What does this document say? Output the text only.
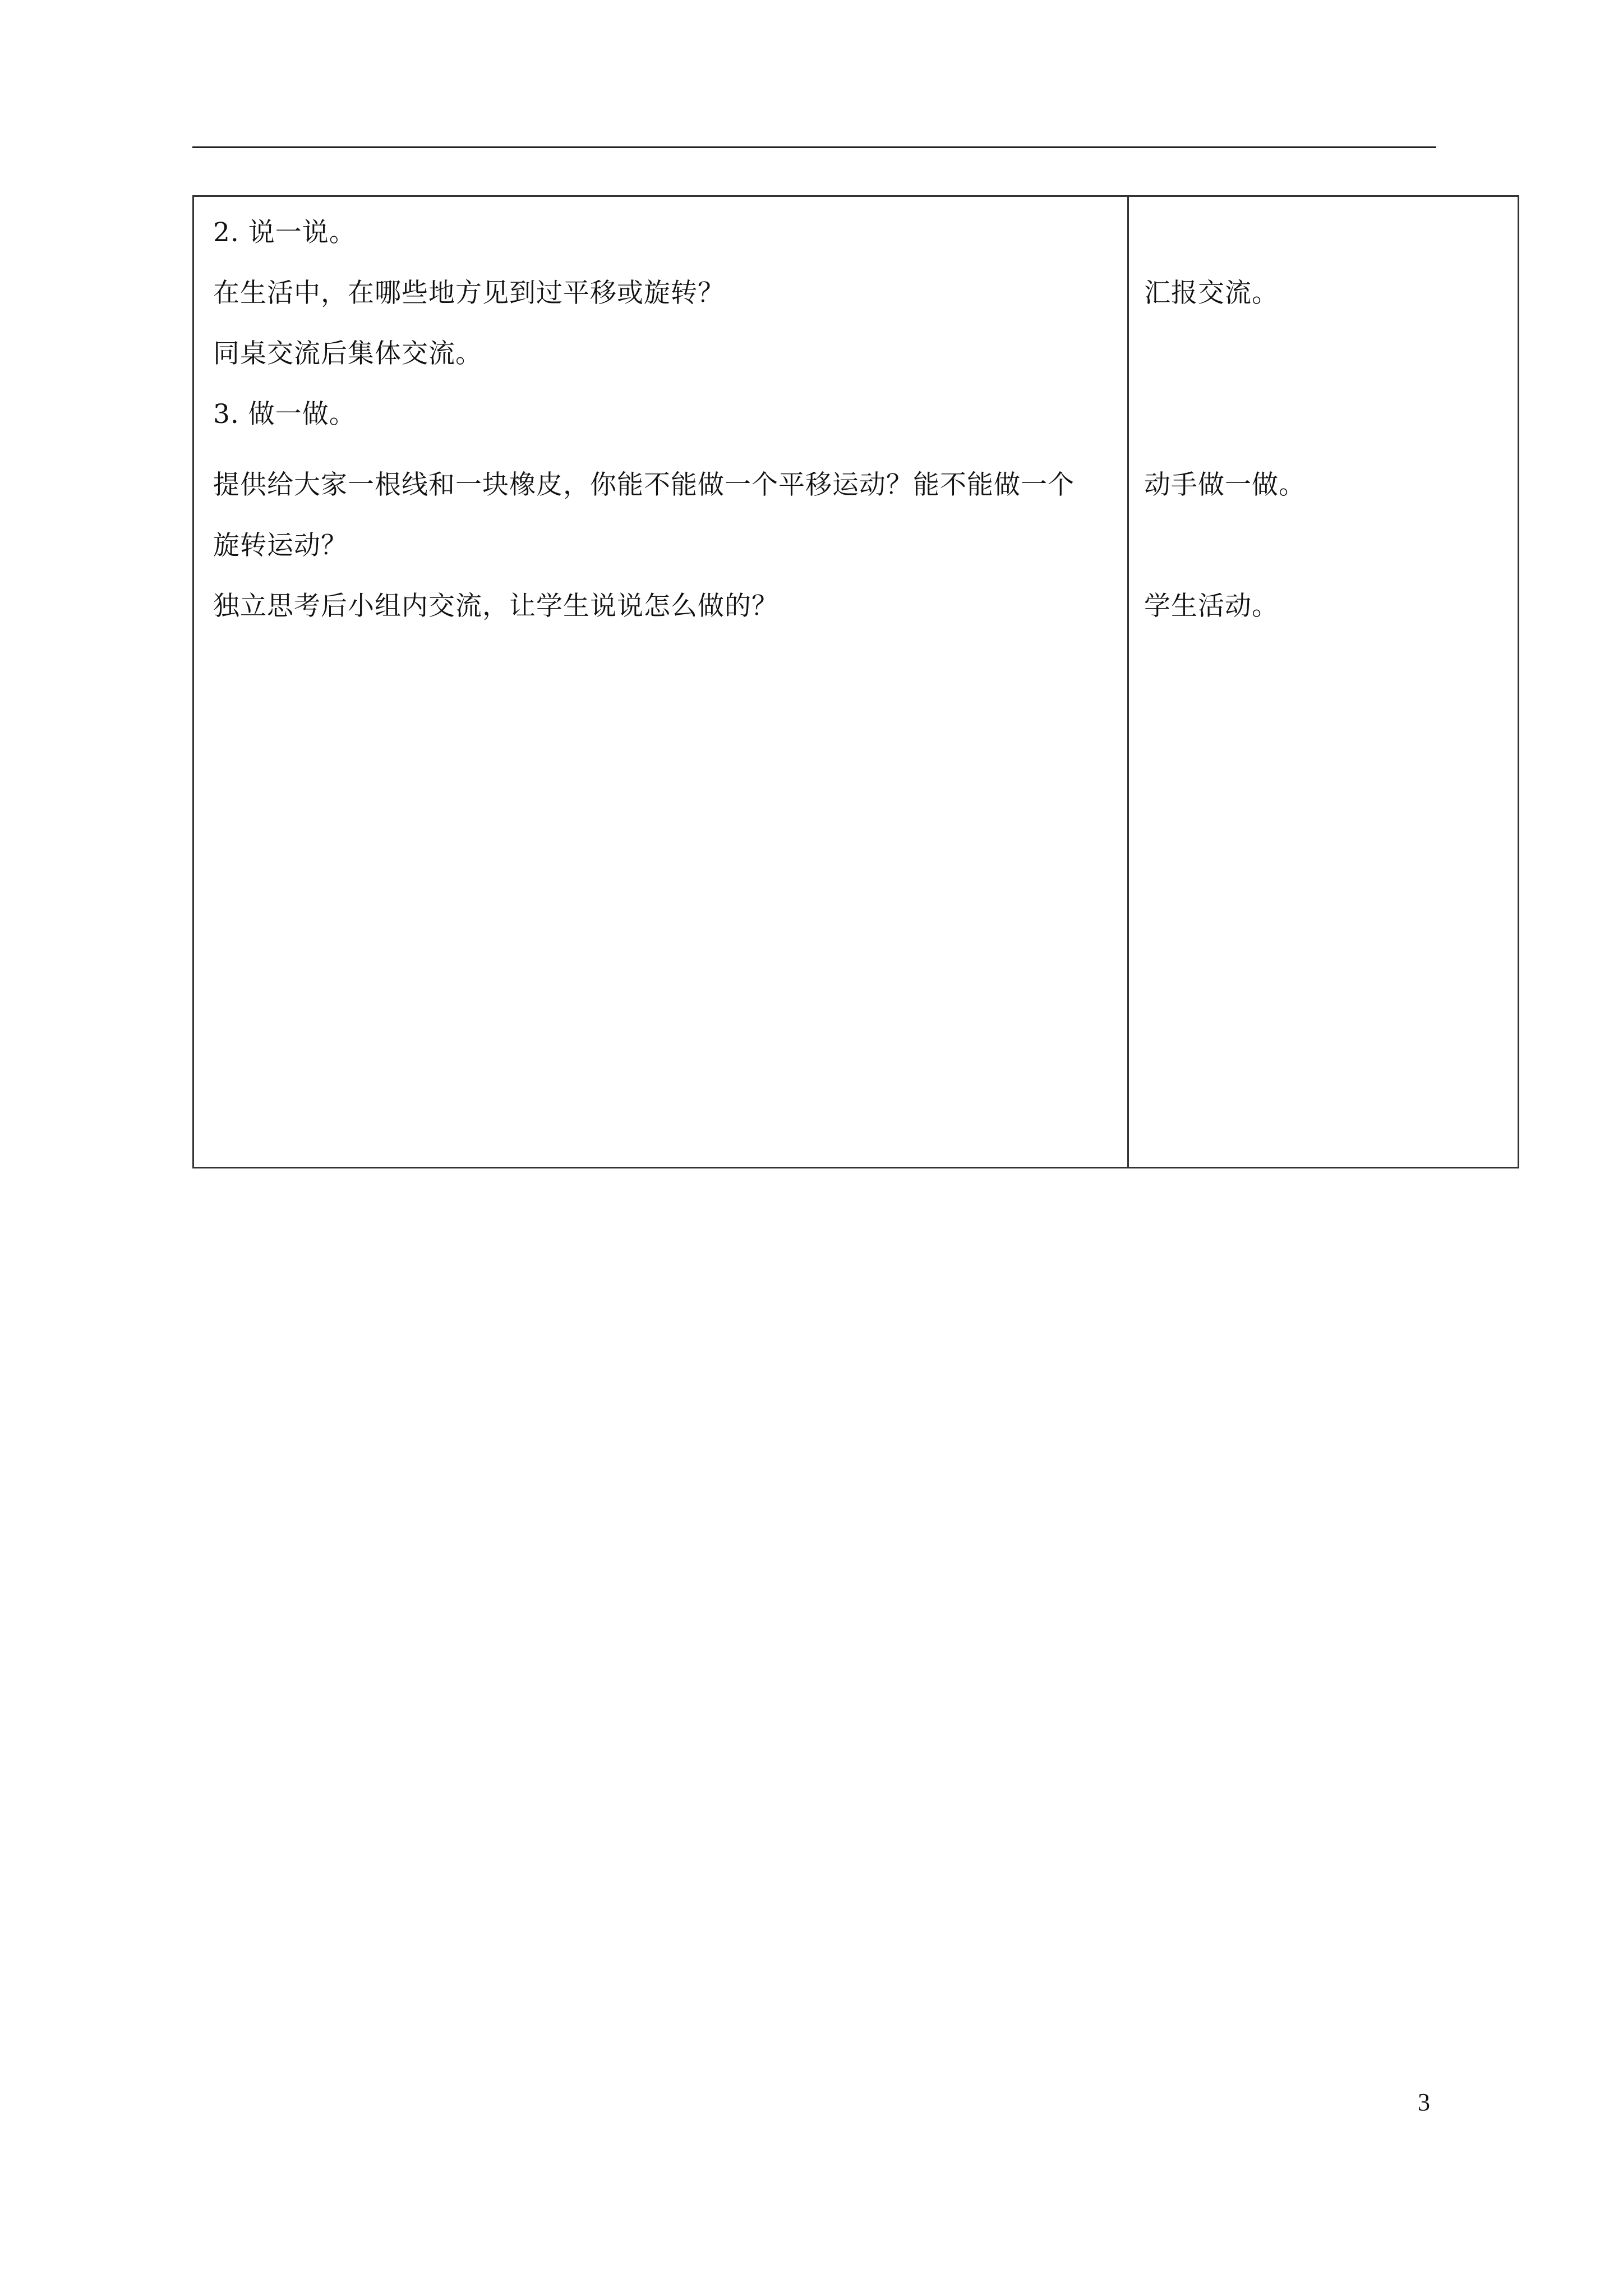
2. 说一说。
在生活中，在哪些地方见到过平移或旋转？
同桌交流后集体交流。
3. 做一做。
提供给大家一根线和一块橡皮，你能不能做一个平移运动？能不能做一个
旋转运动？
独立思考后小组内交流，让学生说说怎么做的？
汇报交流。
动手做一做。
学生活动。
3
